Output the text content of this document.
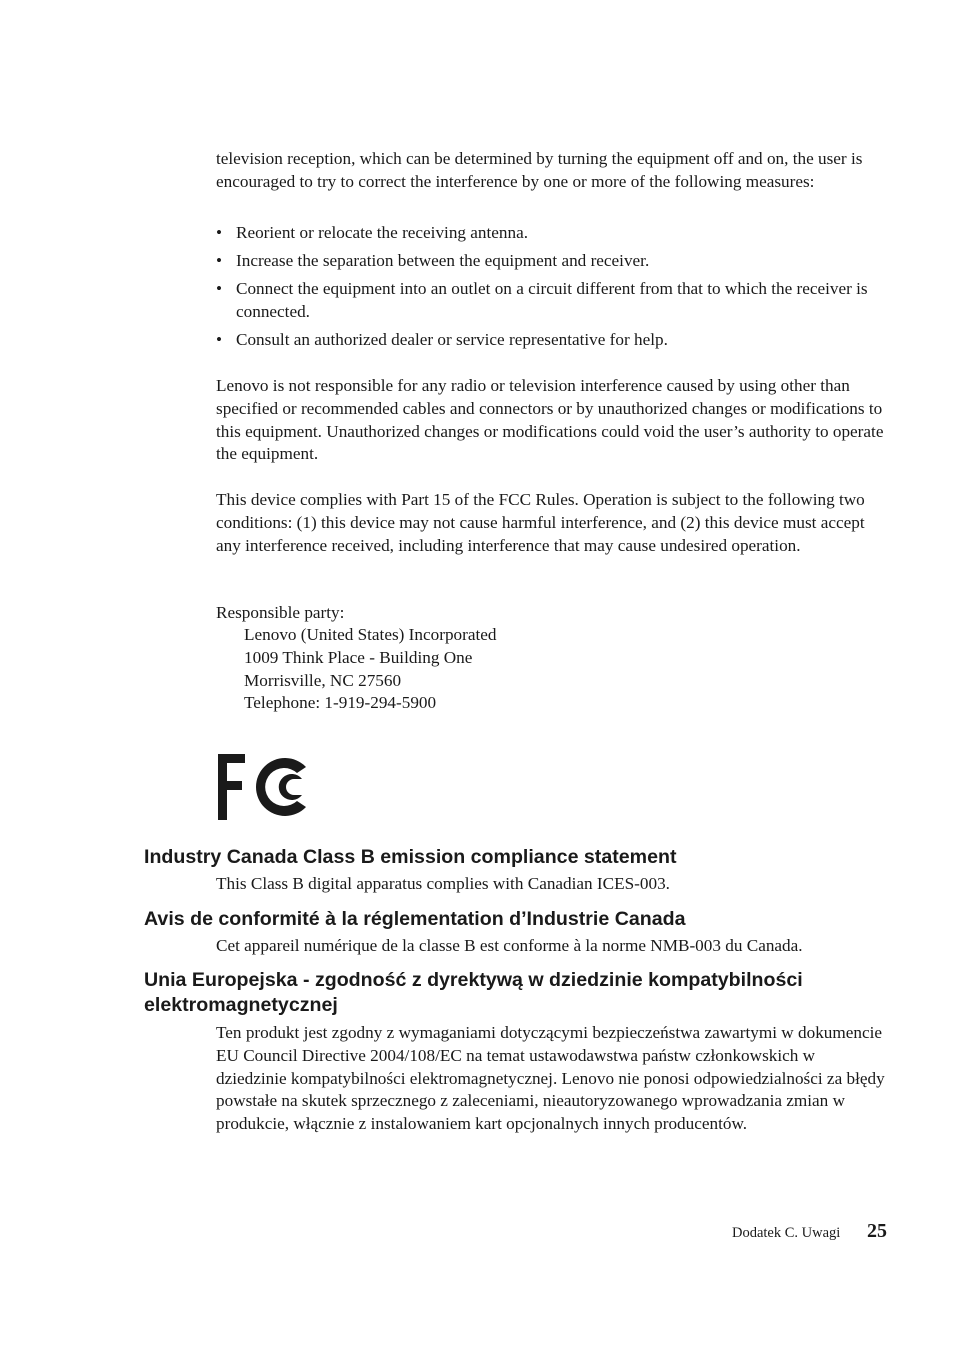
television reception, which can be determined by turning the equipment off and on, the user is encouraged to try to correct the interference by one or more of the following measures:

• Reorient or relocate the receiving antenna.
• Increase the separation between the equipment and receiver.
• Connect the equipment into an outlet on a circuit different from that to which the receiver is connected.
• Consult an authorized dealer or service representative for help.

Lenovo is not responsible for any radio or television interference caused by using other than specified or recommended cables and connectors or by unauthorized changes or modifications to this equipment. Unauthorized changes or modifications could void the user’s authority to operate the equipment.

This device complies with Part 15 of the FCC Rules. Operation is subject to the following two conditions: (1) this device may not cause harmful interference, and (2) this device must accept any interference received, including interference that may cause undesired operation.

Responsible party:

Lenovo (United States) Incorporated
1009 Think Place - Building One
Morrisville, NC 27560
Telephone: 1-919-294-5900
Industry Canada Class B emission compliance statement

This Class B digital apparatus complies with Canadian ICES-003.

Avis de conformité à la réglementation d’Industrie Canada

Cet appareil numérique de la classe B est conforme à la norme NMB-003 du Canada.

Unia Europejska - zgodność z dyrektywą w dziedzinie kompatybilności elektromagnetycznej

Ten produkt jest zgodny z wymaganiami dotyczącymi bezpieczeństwa zawartymi w dokumencie EU Council Directive 2004/108/EC na temat ustawodawstwa państw członkowskich w dziedzinie kompatybilności elektromagnetycznej. Lenovo nie ponosi odpowiedzialności za błędy powstałe na skutek sprzecznego z zaleceniami, nieautoryzowanego wprowadzania zmian w produkcie, włącznie z instalowaniem kart opcjonalnych innych producentów.

Dodatek C. Uwagi 25
